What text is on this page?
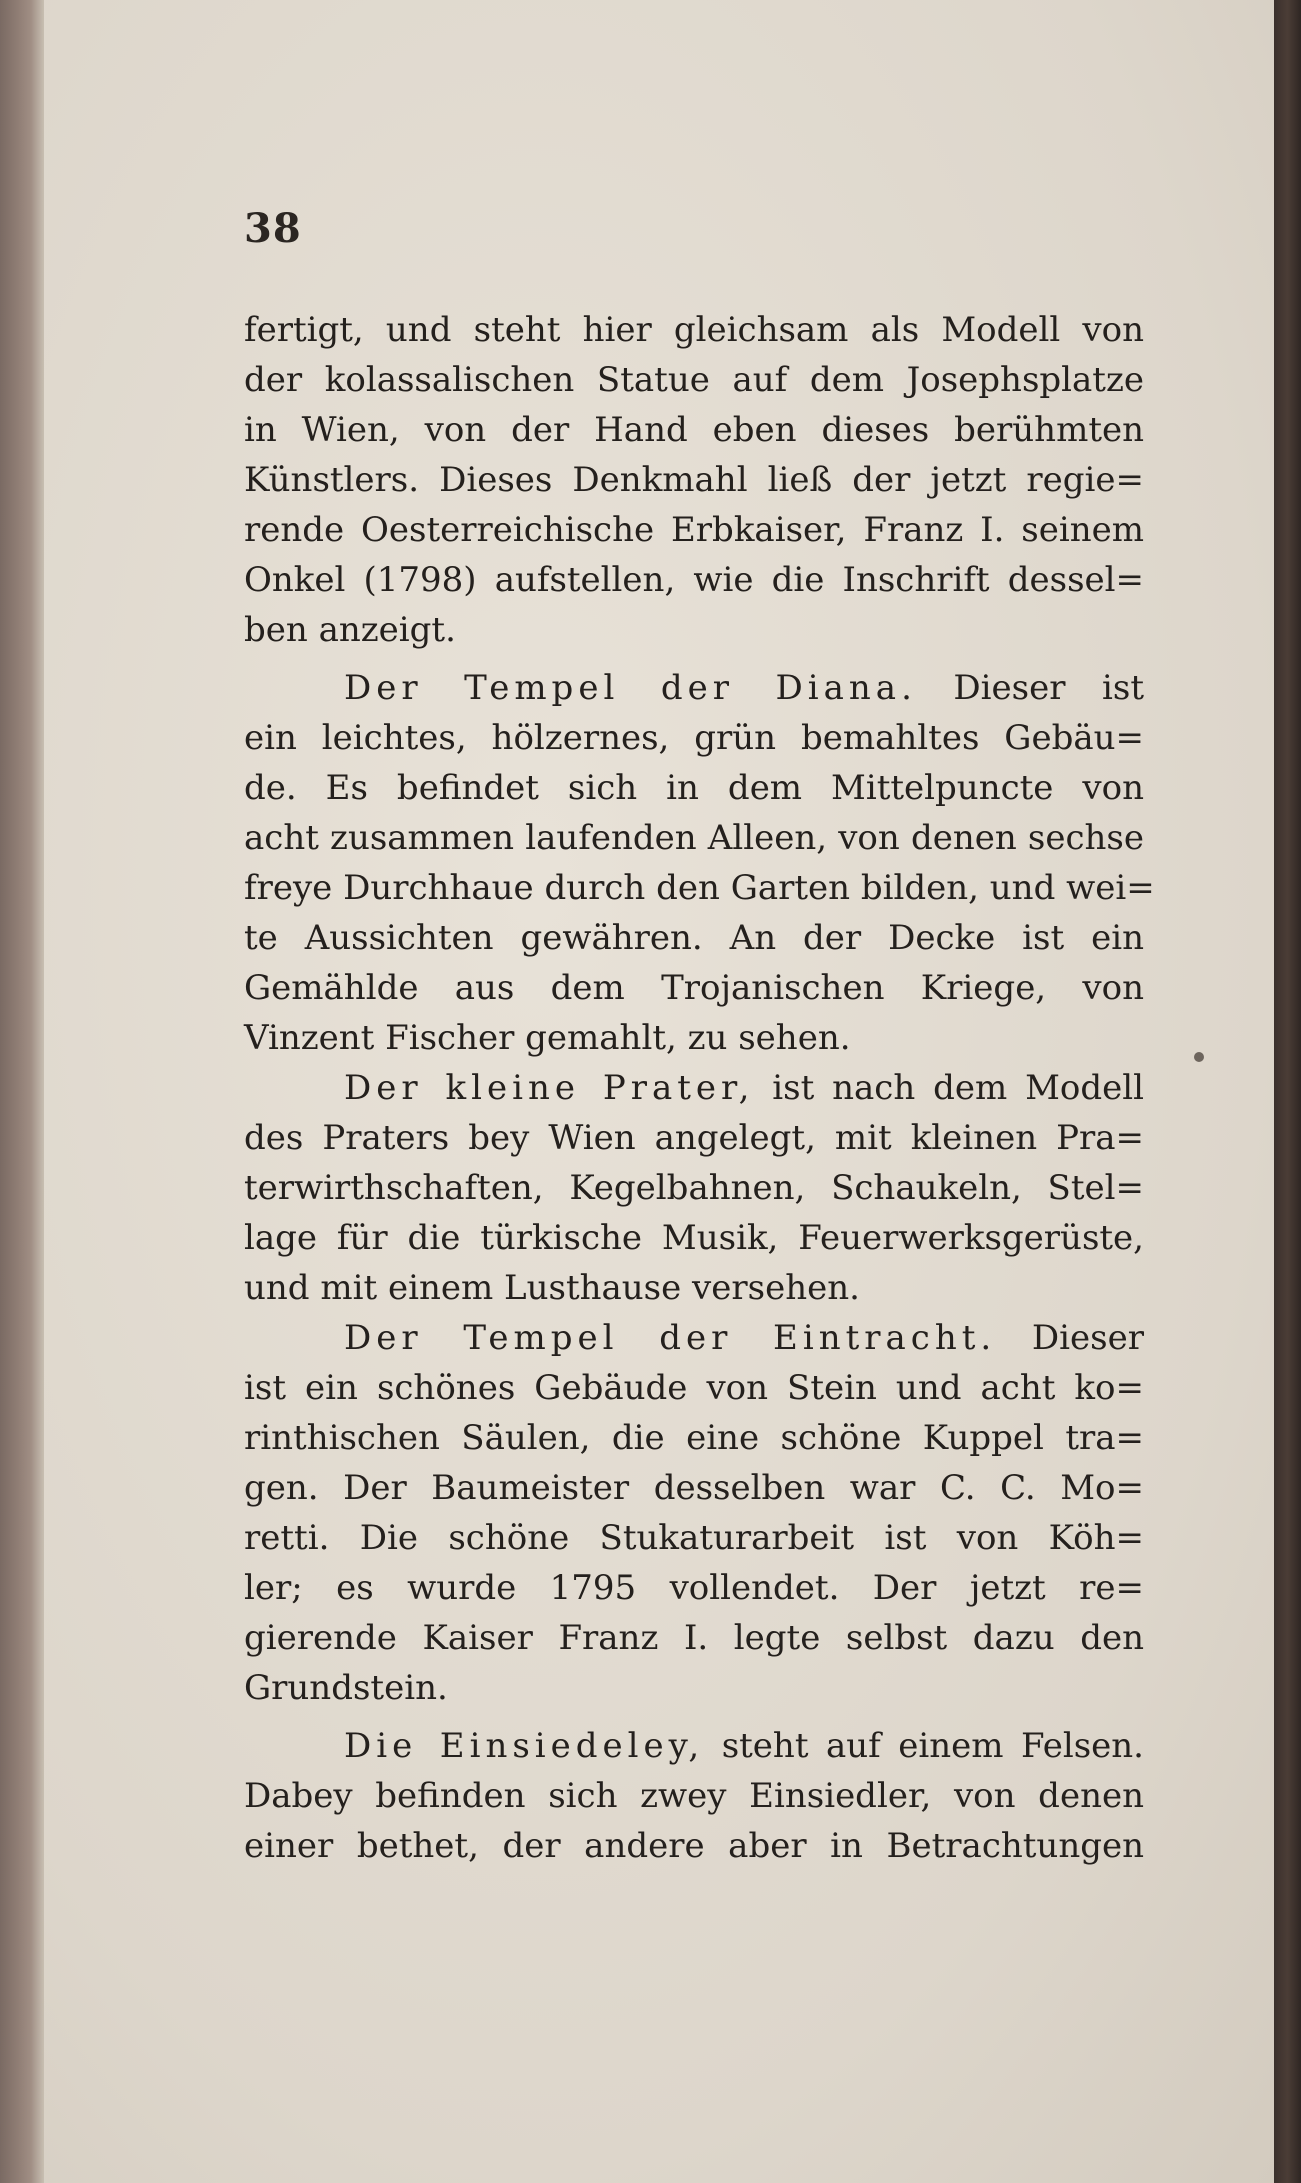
38
fertigt, und steht hier gleichsam als Modell von
der kolassalischen Statue auf dem Josephsplatze
in Wien, von der Hand eben dieses berühmten
Künstlers. Dieses Denkmahl ließ der jetzt regie=
rende Oesterreichische Erbkaiser, Franz I. seinem
Onkel (1798) aufstellen, wie die Inschrift dessel=
ben anzeigt.
Der Tempel der Diana. Dieser ist
ein leichtes, hölzernes, grün bemahltes Gebäu=
de. Es befindet sich in dem Mittelpuncte von
acht zusammen laufenden Alleen, von denen sechse
freye Durchhaue durch den Garten bilden, und wei=
te Aussichten gewähren. An der Decke ist ein
Gemählde aus dem Trojanischen Kriege, von
Vinzent Fischer gemahlt, zu sehen.
Der kleine Prater, ist nach dem Modell
des Praters bey Wien angelegt, mit kleinen Pra=
terwirthschaften, Kegelbahnen, Schaukeln, Stel=
lage für die türkische Musik, Feuerwerksgerüste,
und mit einem Lusthause versehen.
Der Tempel der Eintracht. Dieser
ist ein schönes Gebäude von Stein und acht ko=
rinthischen Säulen, die eine schöne Kuppel tra=
gen. Der Baumeister desselben war C. C. Mo=
retti. Die schöne Stukaturarbeit ist von Köh=
ler; es wurde 1795 vollendet. Der jetzt re=
gierende Kaiser Franz I. legte selbst dazu den
Grundstein.
Die Einsiedeley, steht auf einem Felsen.
Dabey befinden sich zwey Einsiedler, von denen
einer bethet, der andere aber in Betrachtungen
